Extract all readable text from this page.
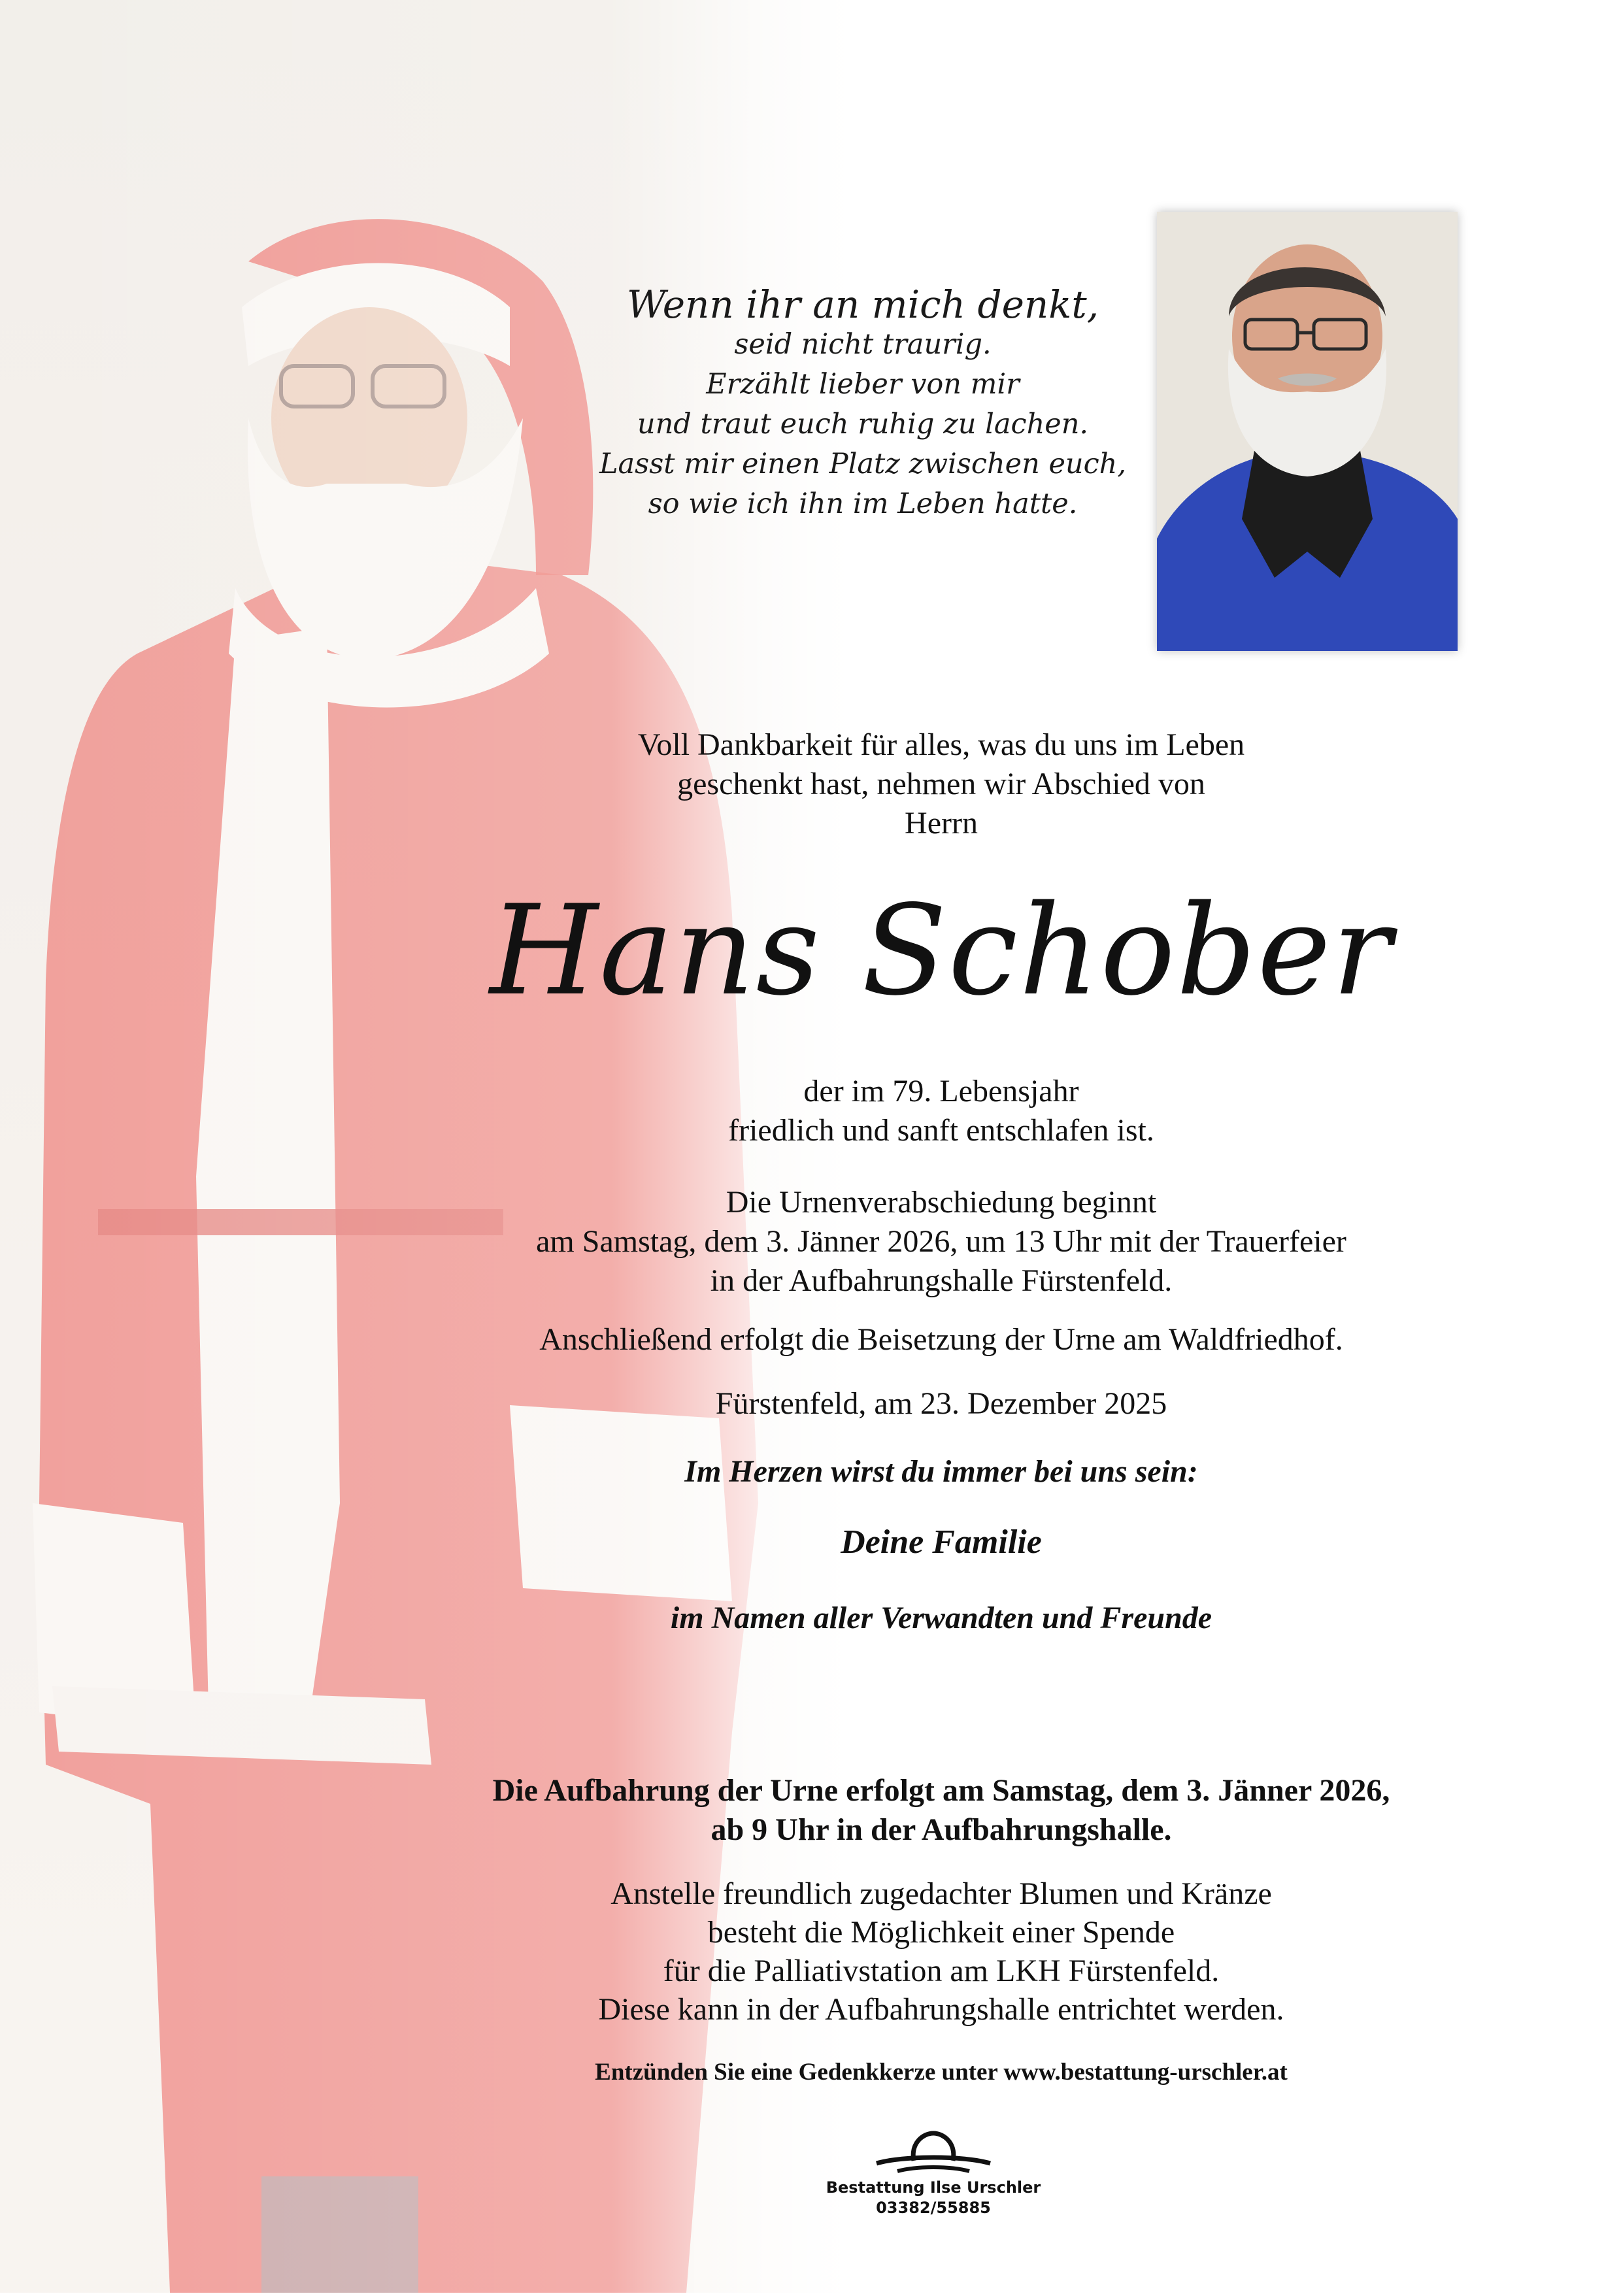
Wenn ihr an mich denkt,
seid nicht traurig.
Erzählt lieber von mir
und traut euch ruhig zu lachen.
Lasst mir einen Platz zwischen euch,
so wie ich ihn im Leben hatte.
Voll Dankbarkeit für alles, was du uns im Leben
geschenkt hast, nehmen wir Abschied von
Herrn
Hans Schober
der im 79. Lebensjahr
friedlich und sanft entschlafen ist.
Die Urnenverabschiedung beginnt
am Samstag, dem 3. Jänner 2026, um 13 Uhr mit der Trauerfeier
in der Aufbahrungshalle Fürstenfeld.
Anschließend erfolgt die Beisetzung der Urne am Waldfriedhof.
Fürstenfeld, am 23. Dezember 2025
Im Herzen wirst du immer bei uns sein:
Deine Familie
im Namen aller Verwandten und Freunde
Die Aufbahrung der Urne erfolgt am Samstag, dem 3. Jänner 2026,
ab 9 Uhr in der Aufbahrungshalle.
Anstelle freundlich zugedachter Blumen und Kränze
besteht die Möglichkeit einer Spende
für die Palliativstation am LKH Fürstenfeld.
Diese kann in der Aufbahrungshalle entrichtet werden.
Entzünden Sie eine Gedenkkerze unter www.bestattung-urschler.at
Bestattung Ilse Urschler
03382/55885
